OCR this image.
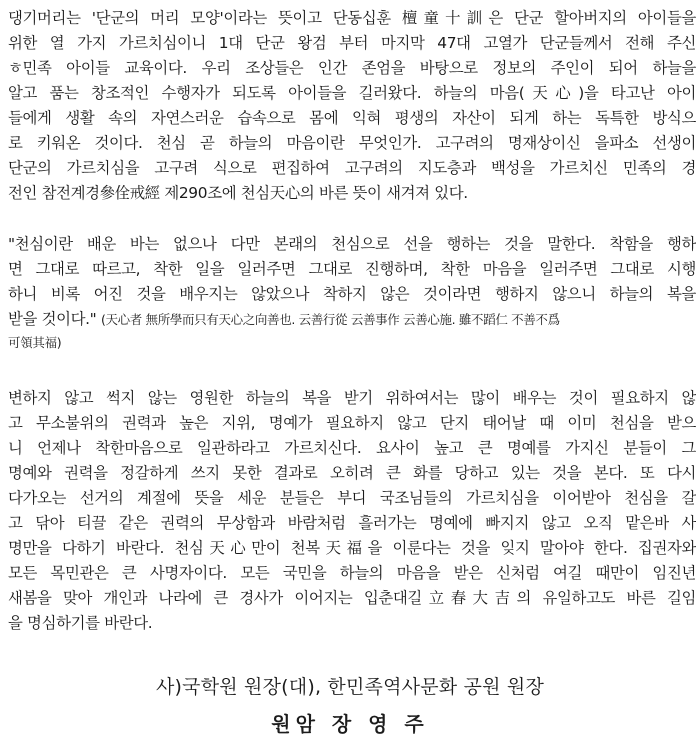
댕기머리는 '단군의 머리 모양'이라는 뜻이고 단동십훈 檀童十訓은 단군 할아버지의 아이들을
위한 열 가지 가르치심이니 1대 단군 왕검 부터 마지막 47대 고열가 단군들께서 전해 주신
ㅎ민족 아이들 교육이다. 우리 조상들은 인간 존엄을 바탕으로 정보의 주인이 되어 하늘을
알고 품는 창조적인 수행자가 되도록 아이들을 길러왔다. 하늘의 마음(天心)을 타고난 아이
들에게 생활 속의 자연스러운 습속으로 몸에 익혀 평생의 자산이 되게 하는 독특한 방식으
로 키워온 것이다. 천심 곧 하늘의 마음이란 무엇인가. 고구려의 명재상이신 을파소 선생이
단군의 가르치심을 고구려 식으로 편집하여 고구려의 지도층과 백성을 가르치신 민족의 경
전인 참전계경參佺戒經 제290조에 천심天心의 바른 뜻이 새겨져 있다.
"천심이란 배운 바는 없으나 다만 본래의 천심으로 선을 행하는 것을 말한다. 착함을 행하
면 그대로 따르고, 착한 일을 일러주면 그대로 진행하며, 착한 마음을 일러주면 그대로 시행
하니 비록 어진 것을 배우지는 않았으나 착하지 않은 것이라면 행하지 않으니 하늘의 복을
받을 것이다." (天心者 無所學而只有天心之向善也. 云善行從 云善事作 云善心施. 雖不蹈仁 不善不爲
可領其福)
변하지 않고 썩지 않는 영원한 하늘의 복을 받기 위하여서는 많이 배우는 것이 필요하지 않
고 무소불위의 권력과 높은 지위, 명예가 필요하지 않고 단지 태어날 때 이미 천심을 받으
니 언제나 착한마음으로 일관하라고 가르치신다. 요사이 높고 큰 명예를 가지신 분들이 그
명예와 권력을 정갈하게 쓰지 못한 결과로 오히려 큰 화를 당하고 있는 것을 본다. 또 다시
다가오는 선거의 계절에 뜻을 세운 분들은 부디 국조님들의 가르치심을 이어받아 천심을 갈
고 닦아 티끌 같은 권력의 무상함과 바람처럼 흘러가는 명예에 빠지지 않고 오직 맡은바 사
명만을 다하기 바란다. 천심天心만이 천복天福을 이룬다는 것을 잊지 말아야 한다. 집권자와
모든 목민관은 큰 사명자이다. 모든 국민을 하늘의 마음을 받은 신처럼 여길 때만이 임진년
새봄을 맞아 개인과 나라에 큰 경사가 이어지는 입춘대길立春大吉의 유일하고도 바른 길임
을 명심하기를 바란다.
사)국학원 원장(대), 한민족역사문화 공원 원장
원암 장 영 주
